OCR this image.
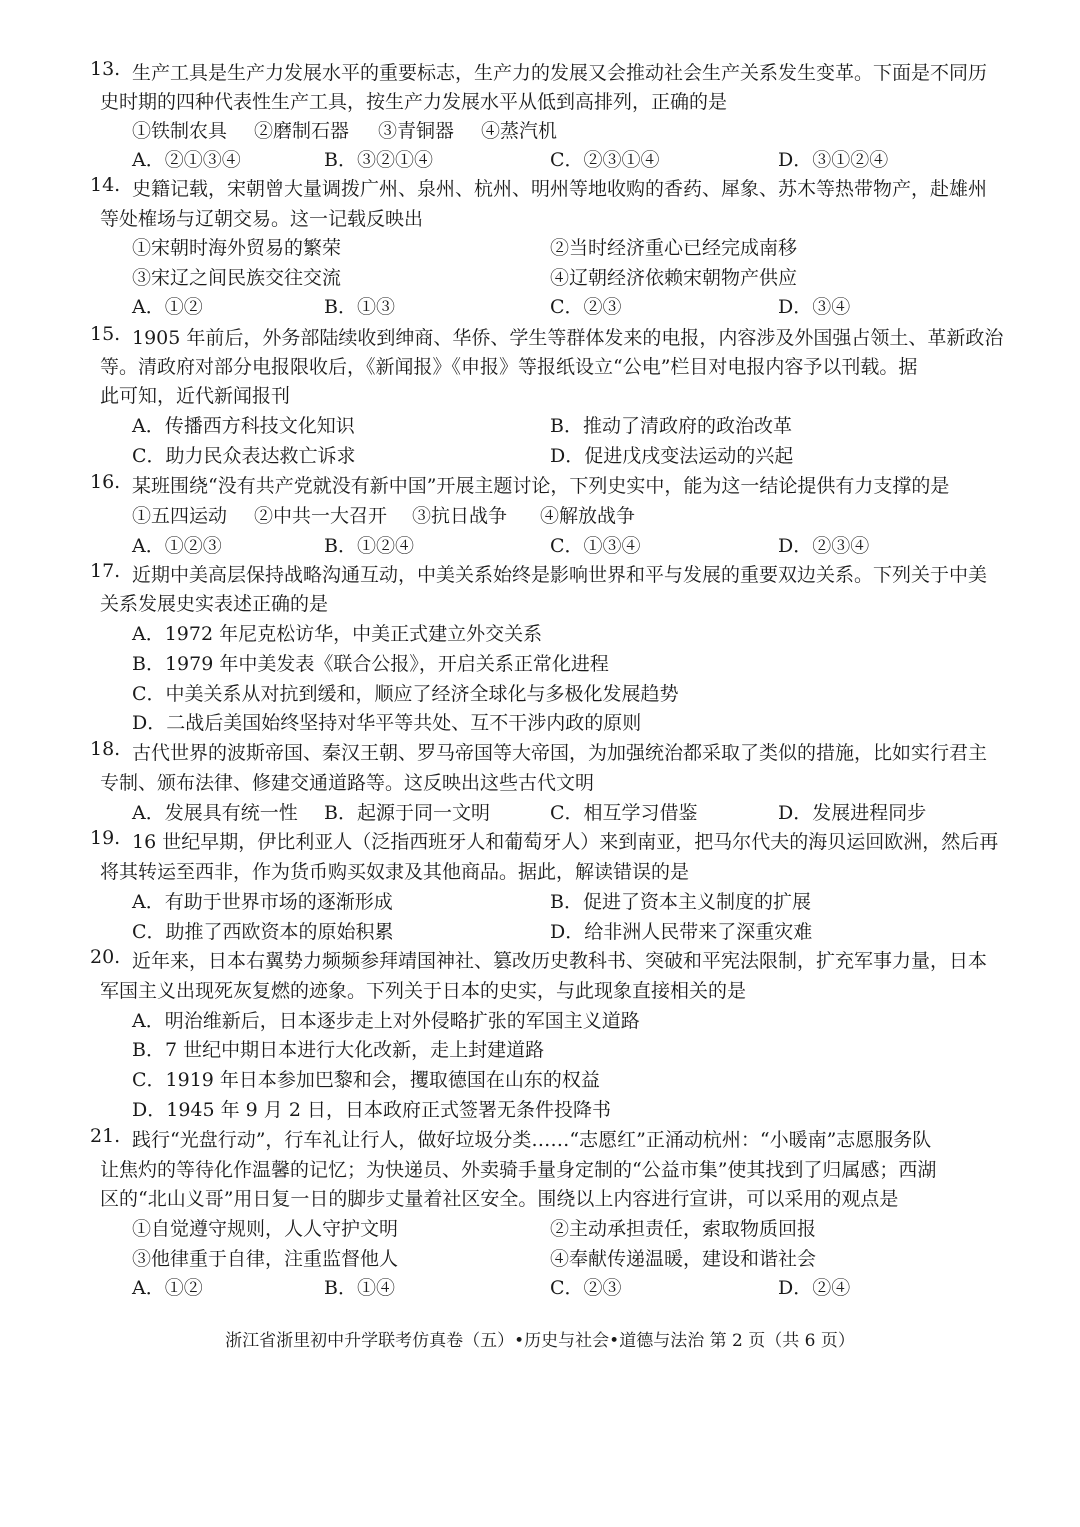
13. 生产工具是生产力发展水平的重要标志，生产力的发展又会推动社会生产关系发生变革。下面是不同历
史时期的四种代表性生产工具，按生产力发展水平从低到高排列，正确的是
①铁制农具 ②磨制石器 ③青铜器 ④蒸汽机
A．②①③④	B．③②①④	C．②③①④	D．③①②④
14. 史籍记载，宋朝曾大量调拨广州、泉州、杭州、明州等地收购的香药、犀象、苏木等热带物产，赴雄州
等处榷场与辽朝交易。这一记载反映出
①宋朝时海外贸易的繁荣	②当时经济重心已经完成南移
③宋辽之间民族交往交流	④辽朝经济依赖宋朝物产供应
A．①②	B．①③	C．②③	D．③④
15. 1905 年前后，外务部陆续收到绅商、华侨、学生等群体发来的电报，内容涉及外国强占领土、革新政治
等。清政府对部分电报限收后，《新闻报》《申报》等报纸设立“公电”栏目对电报内容予以刊载。据
此可知，近代新闻报刊
A．传播西方科技文化知识	B．推动了清政府的政治改革
C．助力民众表达救亡诉求	D．促进戊戌变法运动的兴起
16. 某班围绕“没有共产党就没有新中国”开展主题讨论，下列史实中，能为这一结论提供有力支撑的是
①五四运动 ②中共一大召开 ③抗日战争 ④解放战争
A．①②③	B．①②④	C．①③④	D．②③④
17. 近期中美高层保持战略沟通互动，中美关系始终是影响世界和平与发展的重要双边关系。下列关于中美
关系发展史实表述正确的是
A．1972 年尼克松访华，中美正式建立外交关系
B．1979 年中美发表《联合公报》，开启关系正常化进程
C．中美关系从对抗到缓和，顺应了经济全球化与多极化发展趋势
D．二战后美国始终坚持对华平等共处、互不干涉内政的原则
18. 古代世界的波斯帝国、秦汉王朝、罗马帝国等大帝国，为加强统治都采取了类似的措施，比如实行君主
专制、颁布法律、修建交通道路等。这反映出这些古代文明
A．发展具有统一性 B．起源于同一文明	C．相互学习借鉴	D．发展进程同步
19. 16 世纪早期，伊比利亚人（泛指西班牙人和葡萄牙人）来到南亚，把马尔代夫的海贝运回欧洲，然后再
将其转运至西非，作为货币购买奴隶及其他商品。据此，解读错误的是
A．有助于世界市场的逐渐形成	B．促进了资本主义制度的扩展
C．助推了西欧资本的原始积累	D．给非洲人民带来了深重灾难
20. 近年来，日本右翼势力频频参拜靖国神社、篡改历史教科书、突破和平宪法限制，扩充军事力量，日本
军国主义出现死灰复燃的迹象。下列关于日本的史实，与此现象直接相关的是
A．明治维新后，日本逐步走上对外侵略扩张的军国主义道路
B．7 世纪中期日本进行大化改新，走上封建道路
C．1919 年日本参加巴黎和会，攫取德国在山东的权益
D．1945 年 9 月 2 日，日本政府正式签署无条件投降书
21. 践行“光盘行动”，行车礼让行人，做好垃圾分类……“志愿红”正涌动杭州：“小暖南”志愿服务队
让焦灼的等待化作温馨的记忆；为快递员、外卖骑手量身定制的“公益市集”使其找到了归属感；西湖
区的“北山义哥”用日复一日的脚步丈量着社区安全。围绕以上内容进行宣讲，可以采用的观点是
①自觉遵守规则，人人守护文明	②主动承担责任，索取物质回报
③他律重于自律，注重监督他人	④奉献传递温暖，建设和谐社会
A．①②	B．①④	C．②③	D．②④
浙江省浙里初中升学联考仿真卷（五）•历史与社会•道德与法治 第 2 页（共 6 页）
